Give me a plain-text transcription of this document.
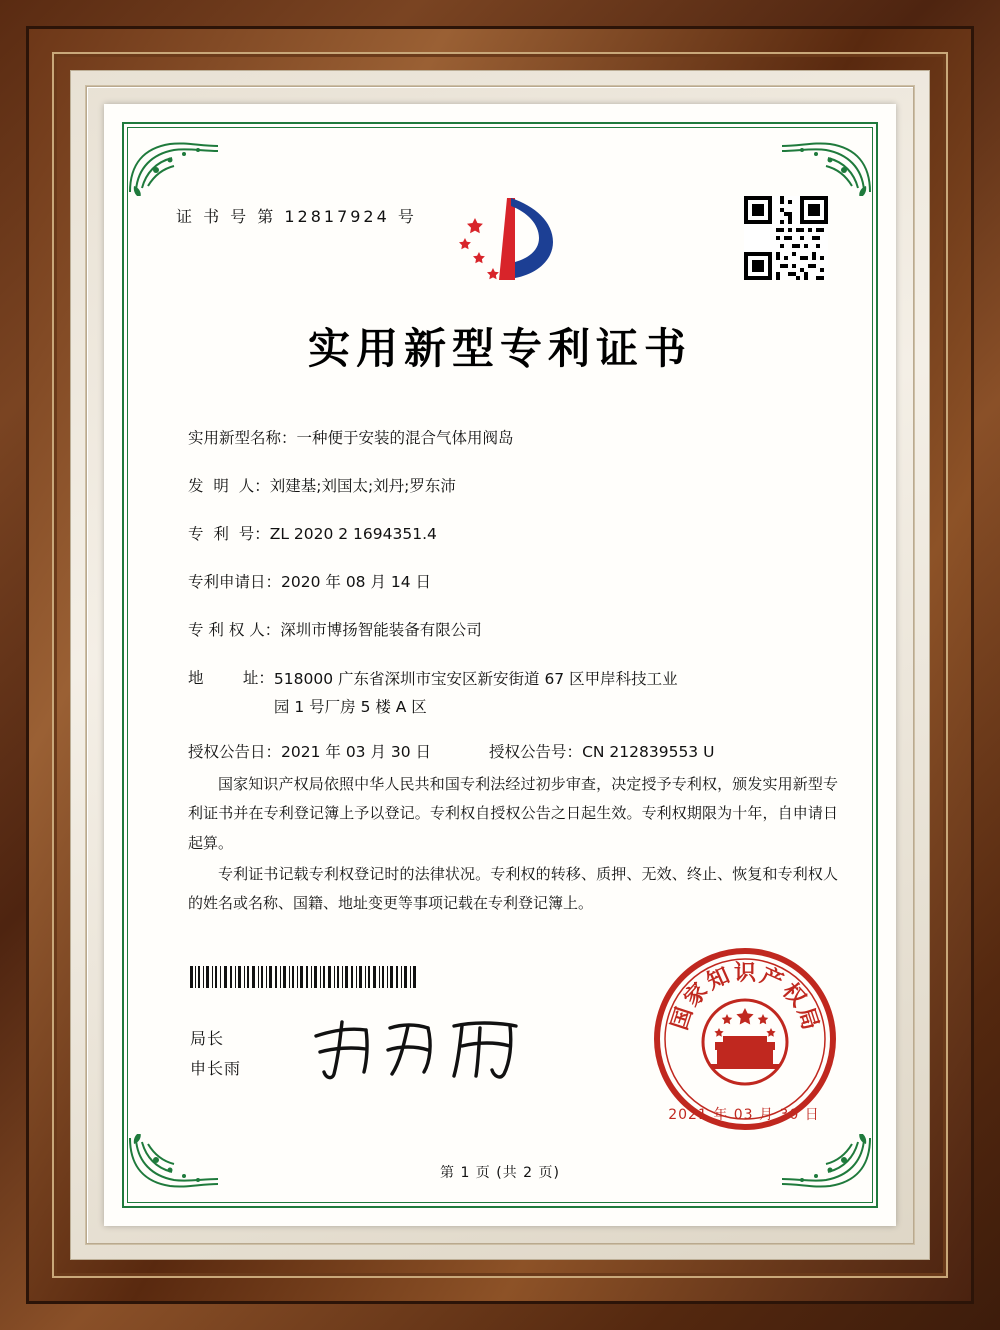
证 书 号 第 12817924 号
实用新型专利证书
实用新型名称： 一种便于安装的混合气体用阀岛
发  明  人： 刘建基;刘国太;刘丹;罗东沛
专  利  号： ZL 2020 2 1694351.4
专利申请日： 2020 年 08 月 14 日
专 利 权 人： 深圳市博扬智能装备有限公司
地        址： 518000 广东省深圳市宝安区新安街道 67 区甲岸科技工业
园 1 号厂房 5 楼 A 区
授权公告日： 2021 年 03 月 30 日	授权公告号： CN 212839553 U

国家知识产权局依照中华人民共和国专利法经过初步审查，决定授予专利权，颁发实用新型专利证书并在专利登记簿上予以登记。专利权自授权公告之日起生效。专利权期限为十年，自申请日起算。

专利证书记载专利权登记时的法律状况。专利权的转移、质押、无效、终止、恢复和专利权人的姓名或名称、国籍、地址变更等事项记载在专利登记簿上。

局长
申长雨
国
家
知 识 产
权
局
2021 年 03 月 30 日
第 1 页 (共 2 页)
